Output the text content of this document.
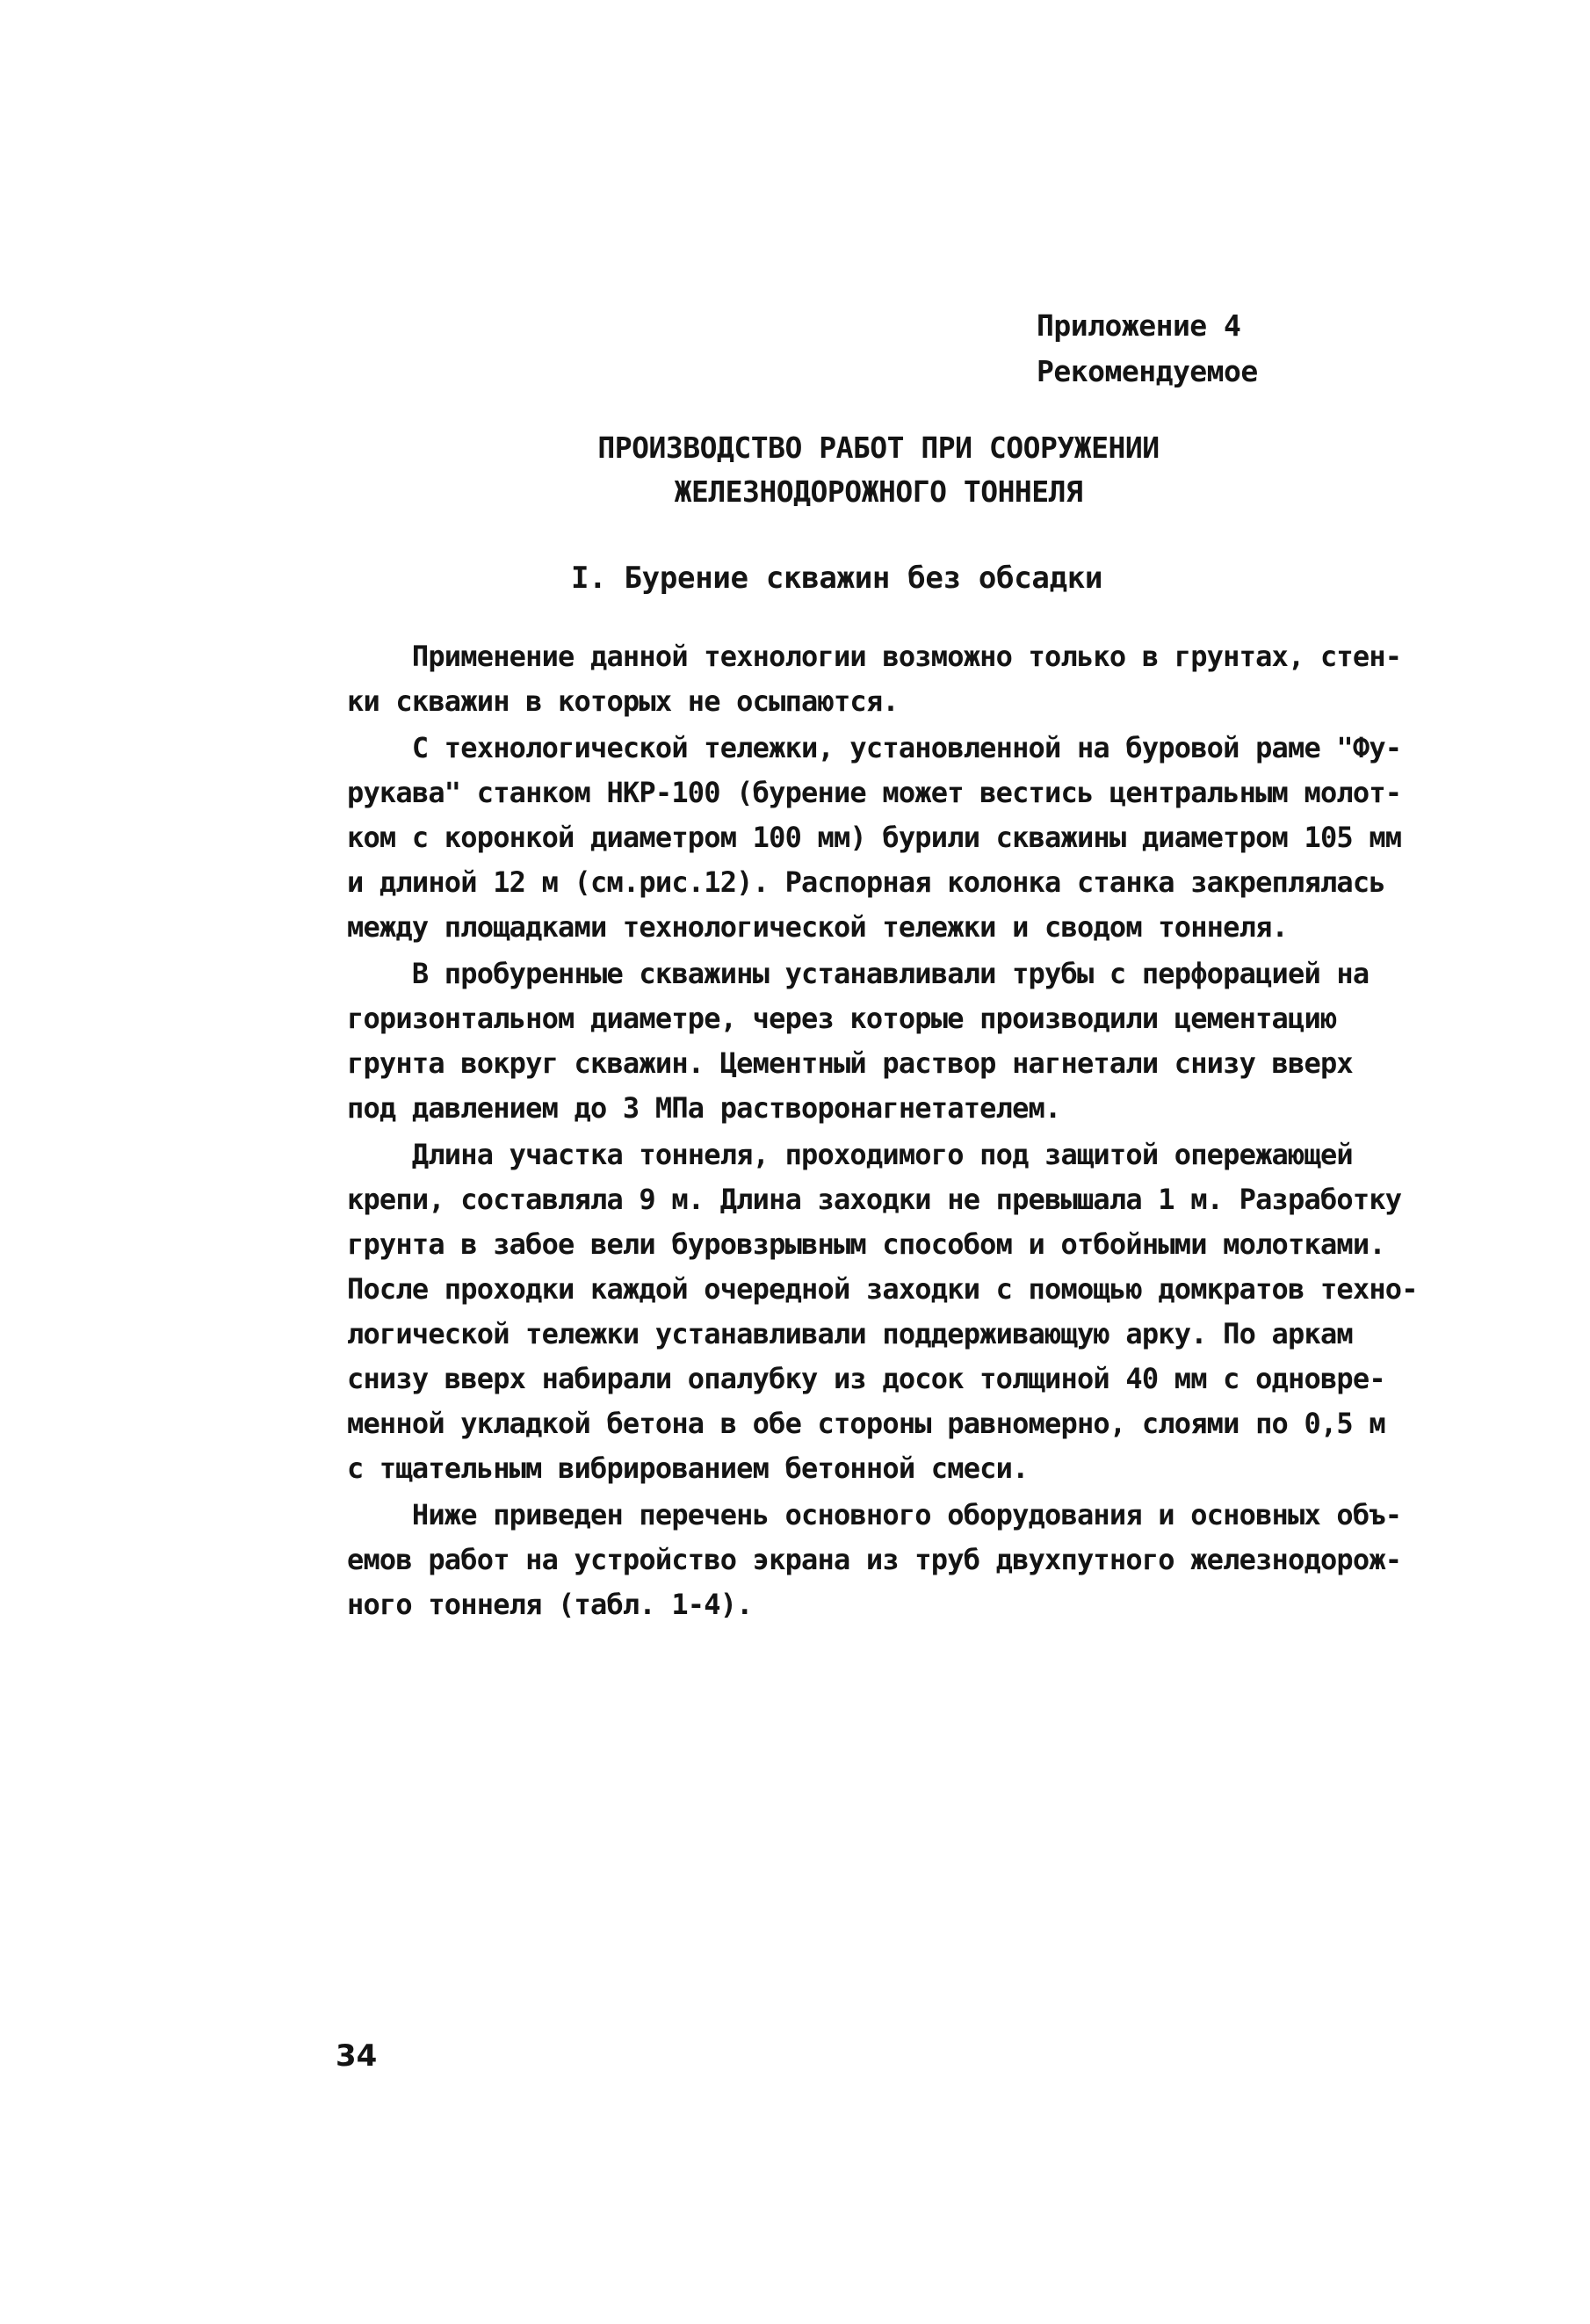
Приложение 4
Рекомендуемое
ПРОИЗВОДСТВО РАБОТ ПРИ СООРУЖЕНИИ
ЖЕЛЕЗНОДОРОЖНОГО ТОННЕЛЯ
I. Бурение скважин без обсадки
Применение данной технологии возможно только в грунтах, стен-
ки скважин в которых не осыпаются.
С технологической тележки, установленной на буровой раме "Фу-
рукава" станком НКР-100 (бурение может вестись центральным молот-
ком с коронкой диаметром 100 мм) бурили скважины диаметром 105 мм
и длиной 12 м (см.рис.12). Распорная колонка станка закреплялась
между площадками технологической тележки и сводом тоннеля.
В пробуренные скважины устанавливали трубы с перфорацией на
горизонтальном диаметре, через которые производили цементацию
грунта вокруг скважин. Цементный раствор нагнетали снизу вверх
под давлением до 3 МПа растворонагнетателем.
Длина участка тоннеля, проходимого под защитой опережающей
крепи, составляла 9 м. Длина заходки не превышала 1 м. Разработку
грунта в забое вели буровзрывным способом и отбойными молотками.
После проходки каждой очередной заходки с помощью домкратов техно-
логической тележки устанавливали поддерживающую арку. По аркам
снизу вверх набирали опалубку из досок толщиной 40 мм с одновре-
менной укладкой бетона в обе стороны равномерно, слоями по 0,5 м
с тщательным вибрированием бетонной смеси.
Ниже приведен перечень основного оборудования и основных объ-
емов работ на устройство экрана из труб двухпутного железнодорож-
ного тоннеля (табл. 1-4).
34
